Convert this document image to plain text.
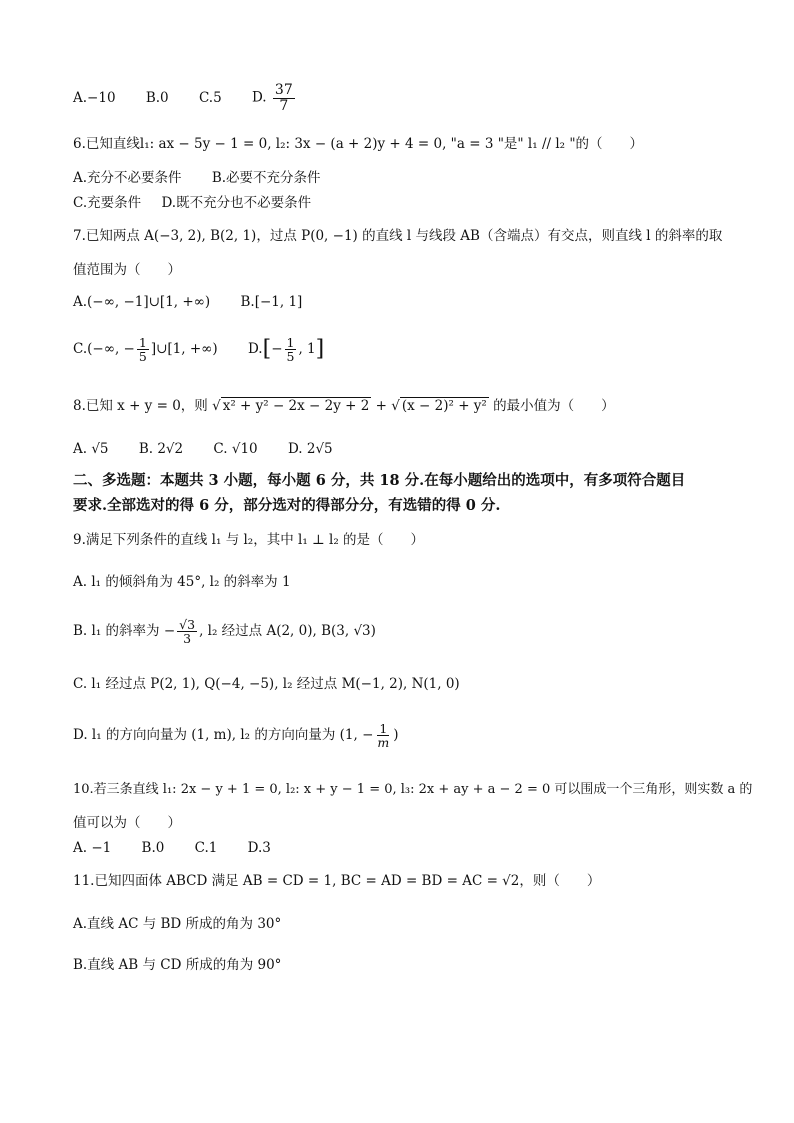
A.−10 B.0 C.5 D. $\frac{37}{7}$
6.已知直线l₁: ax − 5y − 1 = 0, l₂: 3x − (a + 2)y + 4 = 0, "a = 3 "是" l₁ // l₂ "的（　　）
A.充分不必要条件 B.必要不充分条件
C.充要条件 D.既不充分也不必要条件
7.已知两点 A(−3, 2), B(2, 1)，过点 P(0, −1) 的直线 l 与线段 AB（含端点）有交点，则直线 l 的斜率的取
值范围为（　　）
A.(−∞, −1]∪[1, +∞) B.[−1, 1]
C.(−∞, − $\frac{1}{5}$ ]∪[1, +∞) $D.[- \frac{1}{5}$ , 1]
8.已知 x + y = 0，则 √ x² + y² − 2x − 2y + 2 + √ (x − 2)² + y² 的最小值为（　　）
A. √5 B. 2√2 C. √10 D. 2√5
二、多选题：本题共 3 小题，每小题 6 分，共 18 分.在每小题给出的选项中，有多项符合题目
要求.全部选对的得 6 分，部分选对的得部分分，有选错的得 0 分.
9.满足下列条件的直线 l₁ 与 l₂，其中 l₁ ⊥ l₂ 的是（　　）
A. l₁ 的倾斜角为 45°, l₂ 的斜率为 1
B. l₁ 的斜率为 − $\frac{√3}{3}$ , l₂ 经过点 A(2, 0), B(3, √3)
C. l₁ 经过点 P(2, 1), Q(−4, −5), l₂ 经过点 M(−1, 2), N(1, 0)
D. l₁ 的方向向量为 (1, m), l₂ 的方向向量为 (1, − $\frac{1}{m}$ )
10.若三条直线 l₁: 2x − y + 1 = 0, l₂: x + y − 1 = 0, l₃: 2x + ay + a − 2 = 0 可以围成一个三角形，则实数 a 的
值可以为（　　）
A. −1 B.0 C.1 D.3
11.已知四面体 ABCD 满足 AB = CD = 1, BC = AD = BD = AC = √2，则（　　）
A.直线 AC 与 BD 所成的角为 30°
B.直线 AB 与 CD 所成的角为 90°
